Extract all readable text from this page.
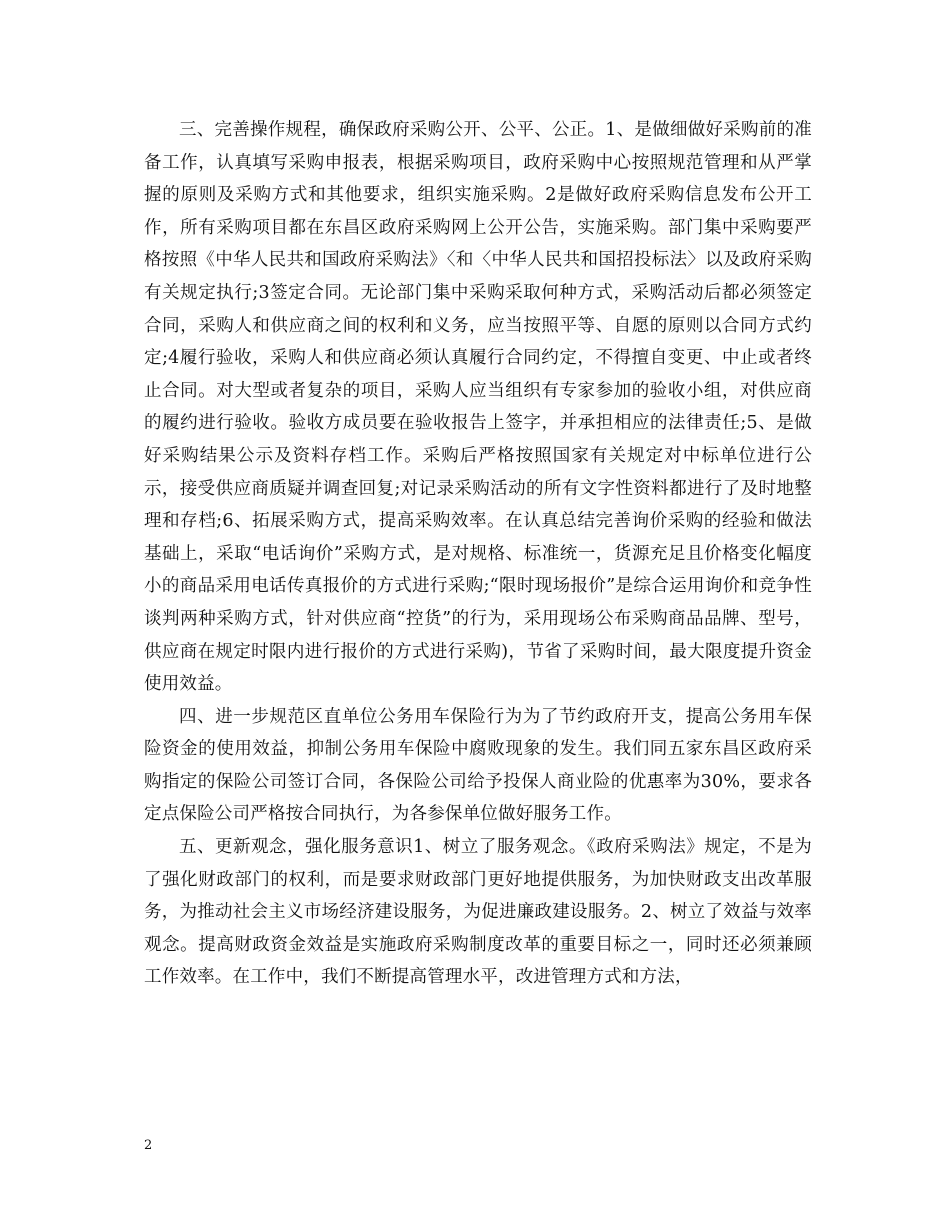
三、完善操作规程，确保政府采购公开、公平、公正。1、是做细做好采购前的准备工作，认真填写采购申报表，根据采购项目，政府采购中心按照规范管理和从严掌握的原则及采购方式和其他要求，组织实施采购。2是做好政府采购信息发布公开工作，所有采购项目都在东昌区政府采购网上公开公告，实施采购。部门集中采购要严格按照《中华人民共和国政府采购法》〈和〈中华人民共和国招投标法〉以及政府采购有关规定执行;3签定合同。无论部门集中采购采取何种方式，采购活动后都必须签定合同，采购人和供应商之间的权利和义务，应当按照平等、自愿的原则以合同方式约定;4履行验收，采购人和供应商必须认真履行合同约定，不得擅自变更、中止或者终止合同。对大型或者复杂的项目，采购人应当组织有专家参加的验收小组，对供应商的履约进行验收。验收方成员要在验收报告上签字，并承担相应的法律责任;5、是做好采购结果公示及资料存档工作。采购后严格按照国家有关规定对中标单位进行公示，接受供应商质疑并调查回复;对记录采购活动的所有文字性资料都进行了及时地整理和存档;6、拓展采购方式，提高采购效率。在认真总结完善询价采购的经验和做法基础上，采取“电话询价”采购方式，是对规格、标准统一，货源充足且价格变化幅度小的商品采用电话传真报价的方式进行采购;“限时现场报价”是综合运用询价和竞争性谈判两种采购方式，针对供应商“控货”的行为，采用现场公布采购商品品牌、型号，供应商在规定时限内进行报价的方式进行采购)，节省了采购时间，最大限度提升资金使用效益。

四、进一步规范区直单位公务用车保险行为为了节约政府开支，提高公务用车保险资金的使用效益，抑制公务用车保险中腐败现象的发生。我们同五家东昌区政府采购指定的保险公司签订合同，各保险公司给予投保人商业险的优惠率为30%，要求各定点保险公司严格按合同执行，为各参保单位做好服务工作。

五、更新观念，强化服务意识1、树立了服务观念。《政府采购法》规定，不是为了强化财政部门的权利，而是要求财政部门更好地提供服务，为加快财政支出改革服务，为推动社会主义市场经济建设服务，为促进廉政建设服务。2、树立了效益与效率观念。提高财政资金效益是实施政府采购制度改革的重要目标之一，同时还必须兼顾工作效率。在工作中，我们不断提高管理水平，改进管理方式和方法，

2
